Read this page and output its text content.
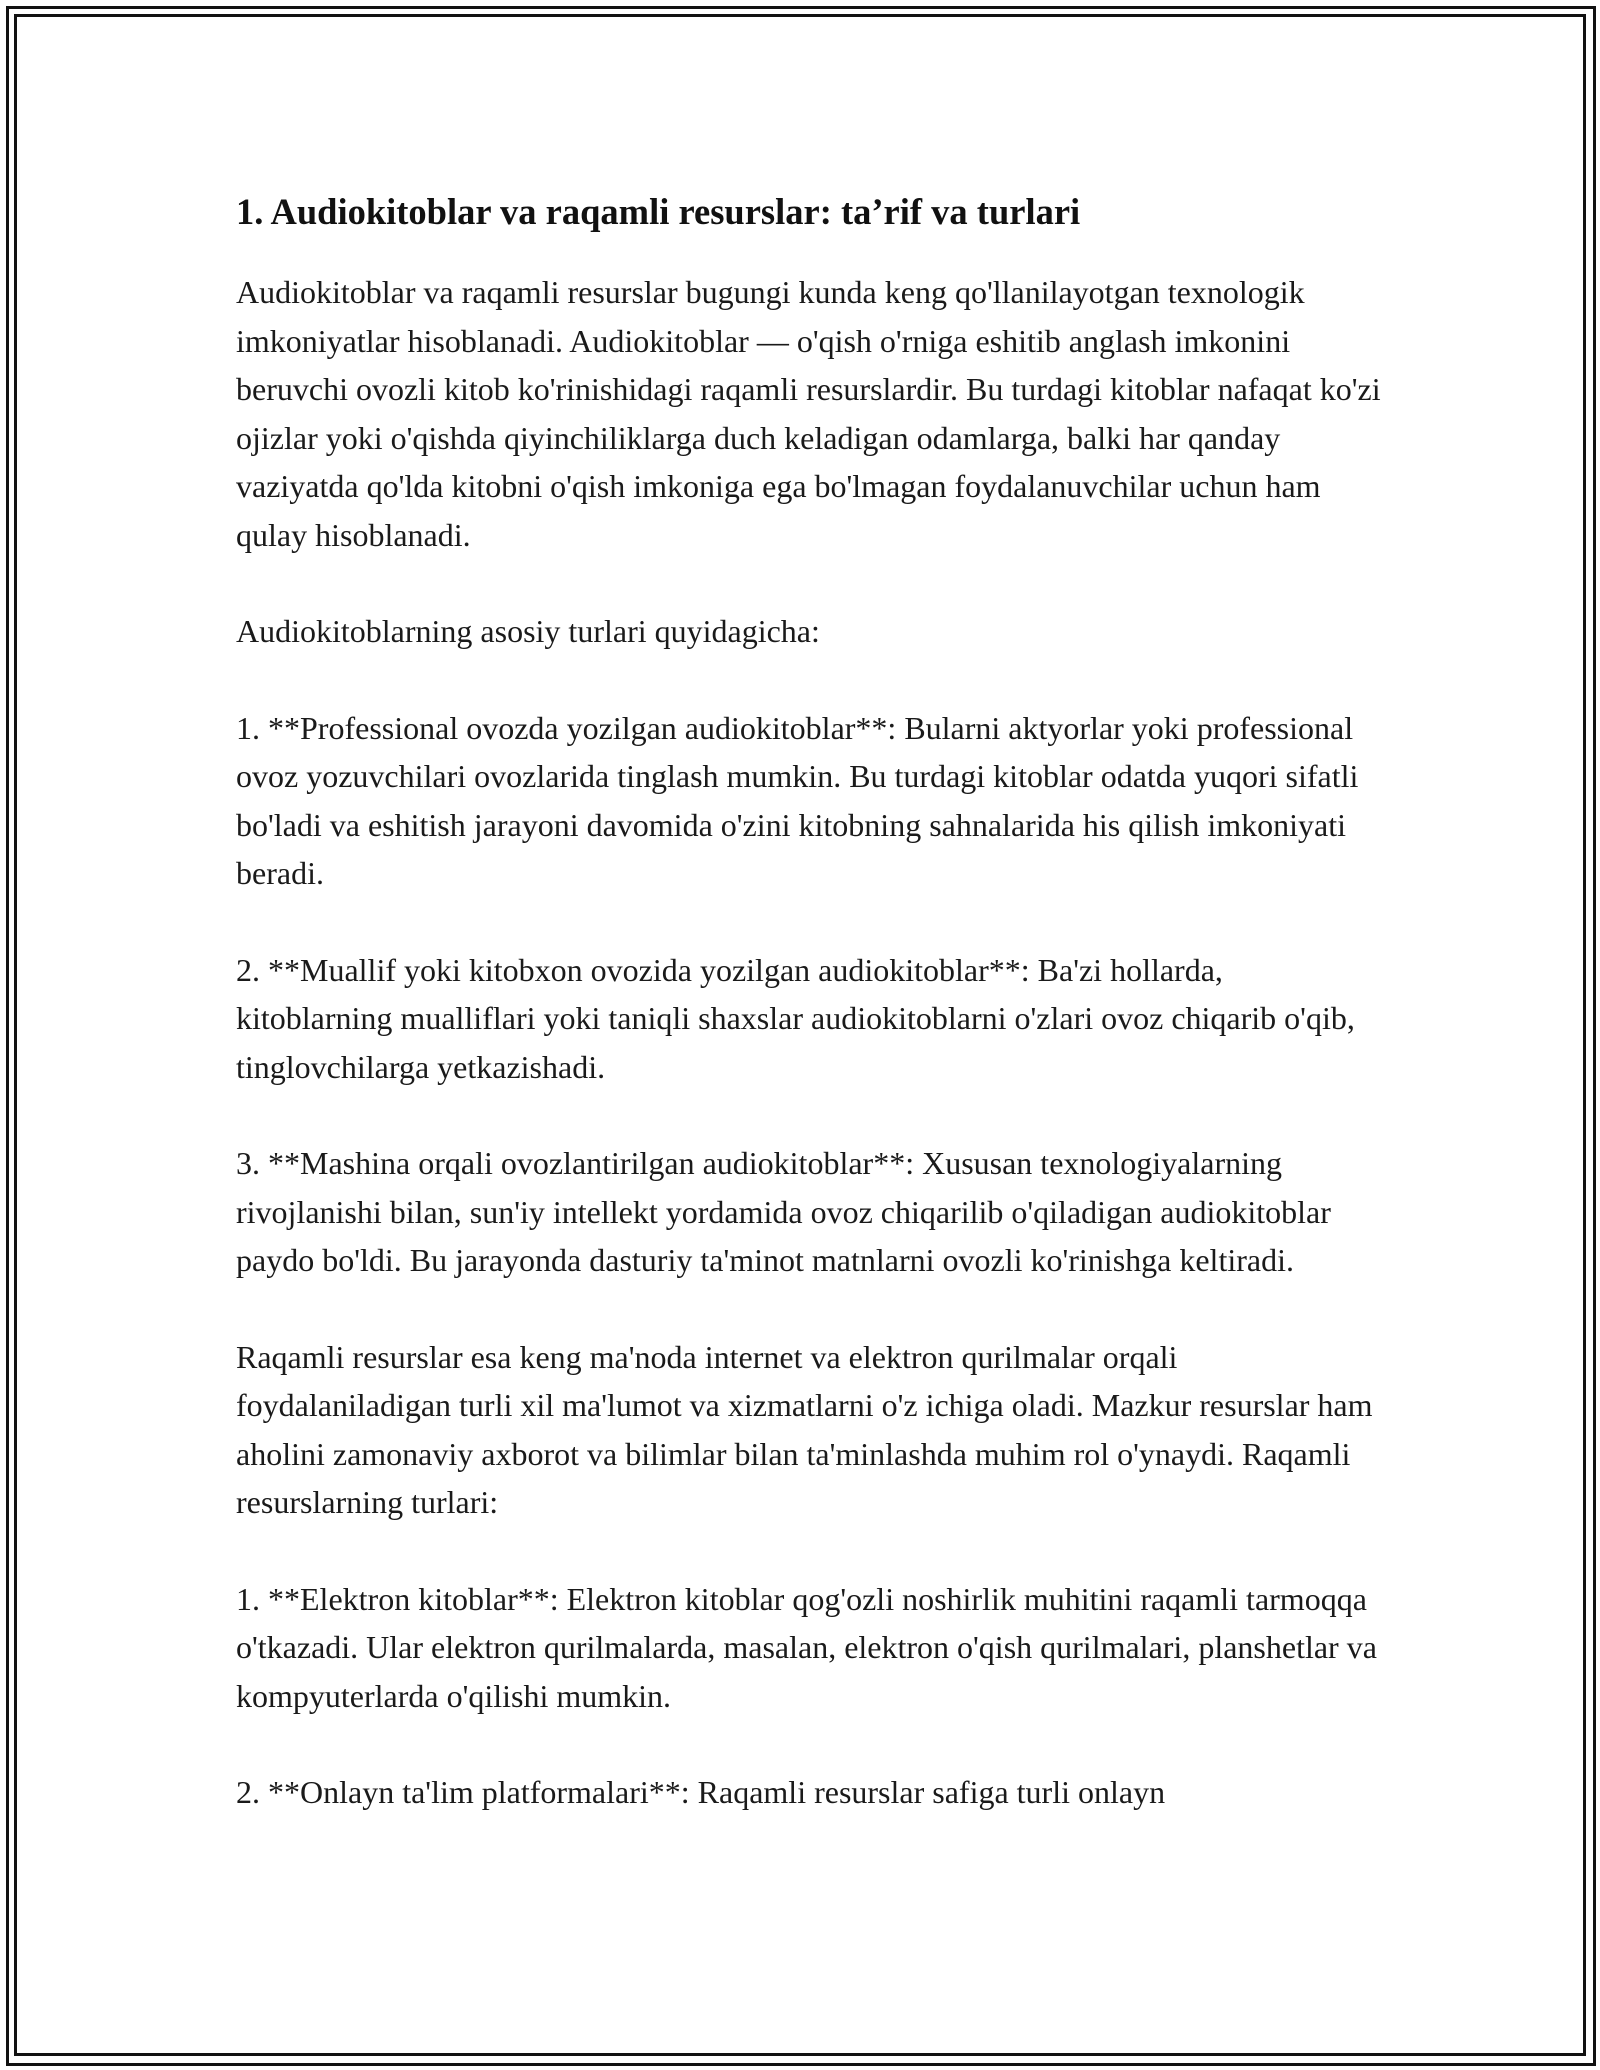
1. Audiokitoblar va raqamli resurslar: ta’rif va turlari

Audiokitoblar va raqamli resurslar bugungi kunda keng qo'llanilayotgan texnologik imkoniyatlar hisoblanadi. Audiokitoblar — o'qish o'rniga eshitib anglash imkonini beruvchi ovozli kitob ko'rinishidagi raqamli resurslardir. Bu turdagi kitoblar nafaqat ko'zi ojizlar yoki o'qishda qiyinchiliklarga duch keladigan odamlarga, balki har qanday vaziyatda qo'lda kitobni o'qish imkoniga ega bo'lmagan foydalanuvchilar uchun ham qulay hisoblanadi.

Audiokitoblarning asosiy turlari quyidagicha:

1. **Professional ovozda yozilgan audiokitoblar**: Bularni aktyorlar yoki professional ovoz yozuvchilari ovozlarida tinglash mumkin. Bu turdagi kitoblar odatda yuqori sifatli bo'ladi va eshitish jarayoni davomida o'zini kitobning sahnalarida his qilish imkoniyati beradi.

2. **Muallif yoki kitobxon ovozida yozilgan audiokitoblar**: Ba'zi hollarda, kitoblarning mualliflari yoki taniqli shaxslar audiokitoblarni o'zlari ovoz chiqarib o'qib, tinglovchilarga yetkazishadi.

3. **Mashina orqali ovozlantirilgan audiokitoblar**: Xususan texnologiyalarning rivojlanishi bilan, sun'iy intellekt yordamida ovoz chiqarilib o'qiladigan audiokitoblar paydo bo'ldi. Bu jarayonda dasturiy ta'minot matnlarni ovozli ko'rinishga keltiradi.

Raqamli resurslar esa keng ma'noda internet va elektron qurilmalar orqali foydalaniladigan turli xil ma'lumot va xizmatlarni o'z ichiga oladi. Mazkur resurslar ham aholini zamonaviy axborot va bilimlar bilan ta'minlashda muhim rol o'ynaydi. Raqamli resurslarning turlari:

1. **Elektron kitoblar**: Elektron kitoblar qog'ozli noshirlik muhitini raqamli tarmoqqa o'tkazadi. Ular elektron qurilmalarda, masalan, elektron o'qish qurilmalari, planshetlar va kompyuterlarda o'qilishi mumkin.

2. **Onlayn ta'lim platformalari**: Raqamli resurslar safiga turli onlayn
